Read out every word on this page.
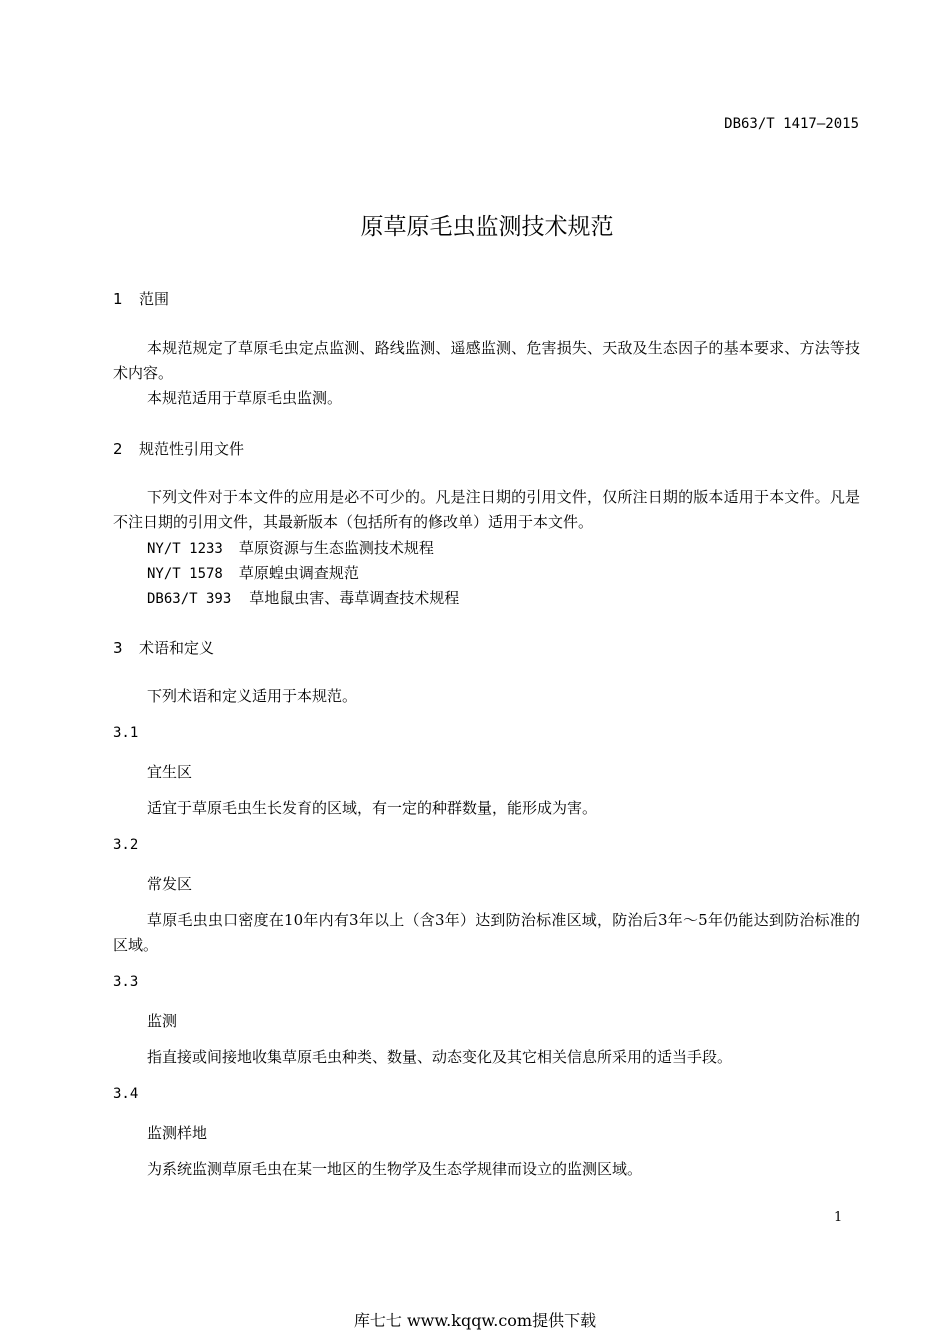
DB63/T 1417—2015
原草原毛虫监测技术规范
1 范围
本规范规定了草原毛虫定点监测、路线监测、遥感监测、危害损失、天敌及生态因子的基本要求、方法等技术内容。
本规范适用于草原毛虫监测。
2 规范性引用文件
下列文件对于本文件的应用是必不可少的。凡是注日期的引用文件，仅所注日期的版本适用于本文件。凡是不注日期的引用文件，其最新版本（包括所有的修改单）适用于本文件。
NY/T 1233 草原资源与生态监测技术规程
NY/T 1578 草原蝗虫调查规范
DB63/T 393 草地鼠虫害、毒草调查技术规程
3 术语和定义
下列术语和定义适用于本规范。
3.1
宜生区
适宜于草原毛虫生长发育的区域，有一定的种群数量，能形成为害。
3.2
常发区
草原毛虫虫口密度在10年内有3年以上（含3年）达到防治标准区域，防治后3年～5年仍能达到防治标准的区域。
3.3
监测
指直接或间接地收集草原毛虫种类、数量、动态变化及其它相关信息所采用的适当手段。
3.4
监测样地
为系统监测草原毛虫在某一地区的生物学及生态学规律而设立的监测区域。
1
库七七 www.kqqw.com提供下载
